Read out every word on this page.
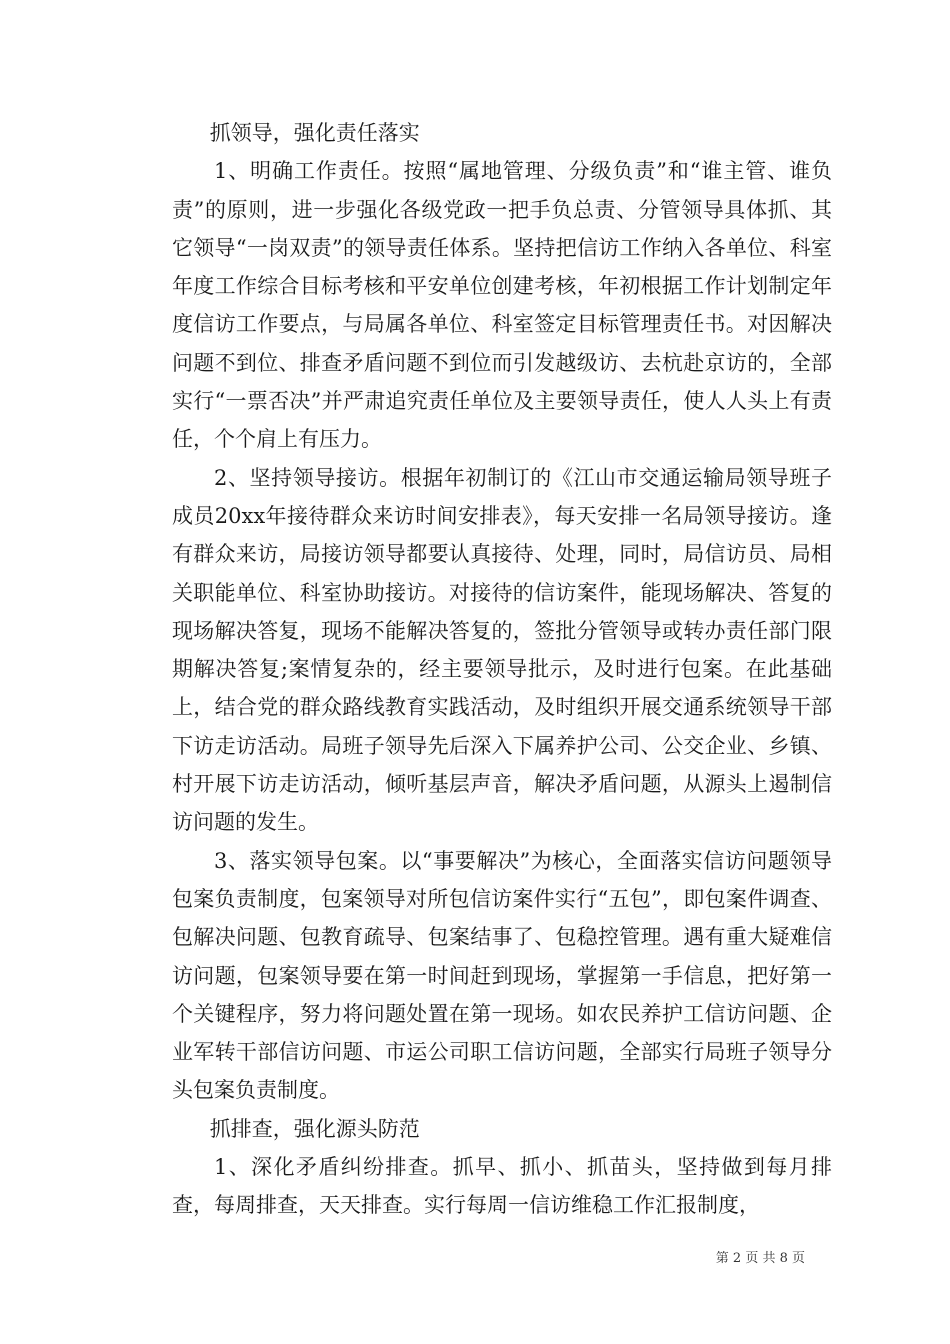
抓领导，强化责任落实

1、明确工作责任。按照“属地管理、分级负责”和“谁主管、谁负责”的原则，进一步强化各级党政一把手负总责、分管领导具体抓、其它领导“一岗双责”的领导责任体系。坚持把信访工作纳入各单位、科室年度工作综合目标考核和平安单位创建考核，年初根据工作计划制定年度信访工作要点，与局属各单位、科室签定目标管理责任书。对因解决问题不到位、排查矛盾问题不到位而引发越级访、去杭赴京访的，全部实行“一票否决”并严肃追究责任单位及主要领导责任，使人人头上有责任，个个肩上有压力。

2、坚持领导接访。根据年初制订的《江山市交通运输局领导班子成员20xx年接待群众来访时间安排表》，每天安排一名局领导接访。逢有群众来访，局接访领导都要认真接待、处理，同时，局信访员、局相关职能单位、科室协助接访。对接待的信访案件，能现场解决、答复的现场解决答复，现场不能解决答复的，签批分管领导或转办责任部门限期解决答复;案情复杂的，经主要领导批示，及时进行包案。在此基础上，结合党的群众路线教育实践活动，及时组织开展交通系统领导干部下访走访活动。局班子领导先后深入下属养护公司、公交企业、乡镇、村开展下访走访活动，倾听基层声音，解决矛盾问题，从源头上遏制信访问题的发生。

3、落实领导包案。以“事要解决”为核心，全面落实信访问题领导包案负责制度，包案领导对所包信访案件实行“五包”，即包案件调查、包解决问题、包教育疏导、包案结事了、包稳控管理。遇有重大疑难信访问题，包案领导要在第一时间赶到现场，掌握第一手信息，把好第一个关键程序，努力将问题处置在第一现场。如农民养护工信访问题、企业军转干部信访问题、市运公司职工信访问题，全部实行局班子领导分头包案负责制度。

抓排查，强化源头防范

1、深化矛盾纠纷排查。抓早、抓小、抓苗头，坚持做到每月排查，每周排查，天天排查。实行每周一信访维稳工作汇报制度，

第 2 页 共 8 页
